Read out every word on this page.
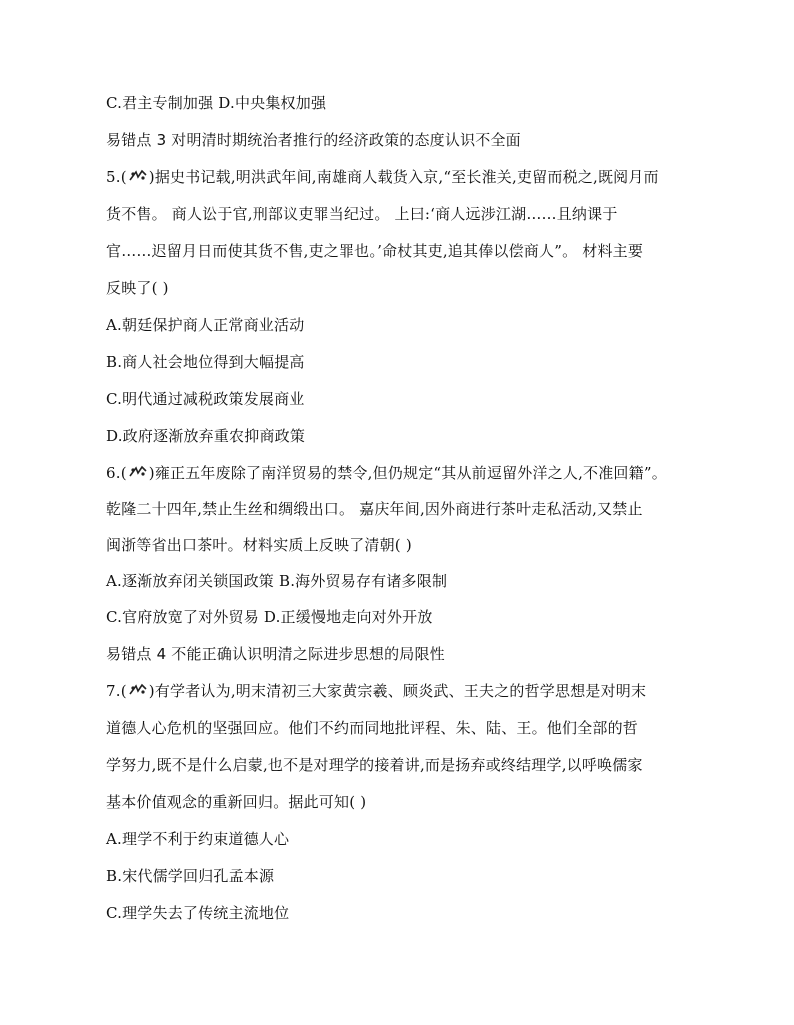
C.君主专制加强 D.中央集权加强
易错点 3 对明清时期统治者推行的经济政策的态度认识不全面
5.( )据史书记载,明洪武年间,南雄商人载货入京,“至长淮关,吏留而税之,既阅月而
货不售。 商人讼于官,刑部议吏罪当纪过。 上曰:‘商人远涉江湖……且纳课于
官……迟留月日而使其货不售,吏之罪也。’命杖其吏,追其俸以偿商人”。 材料主要
反映了( )
A.朝廷保护商人正常商业活动
B.商人社会地位得到大幅提高
C.明代通过减税政策发展商业
D.政府逐渐放弃重农抑商政策
6.( )雍正五年废除了南洋贸易的禁令,但仍规定“其从前逗留外洋之人,不准回籍”。
乾隆二十四年,禁止生丝和绸缎出口。 嘉庆年间,因外商进行茶叶走私活动,又禁止
闽浙等省出口茶叶。材料实质上反映了清朝( )
A.逐渐放弃闭关锁国政策 B.海外贸易存有诸多限制
C.官府放宽了对外贸易 D.正缓慢地走向对外开放
易错点 4 不能正确认识明清之际进步思想的局限性
7.( )有学者认为,明末清初三大家黄宗羲、顾炎武、王夫之的哲学思想是对明末
道德人心危机的坚强回应。他们不约而同地批评程、朱、陆、王。他们全部的哲
学努力,既不是什么启蒙,也不是对理学的接着讲,而是扬弃或终结理学,以呼唤儒家
基本价值观念的重新回归。据此可知( )
A.理学不利于约束道德人心
B.宋代儒学回归孔孟本源
C.理学失去了传统主流地位
